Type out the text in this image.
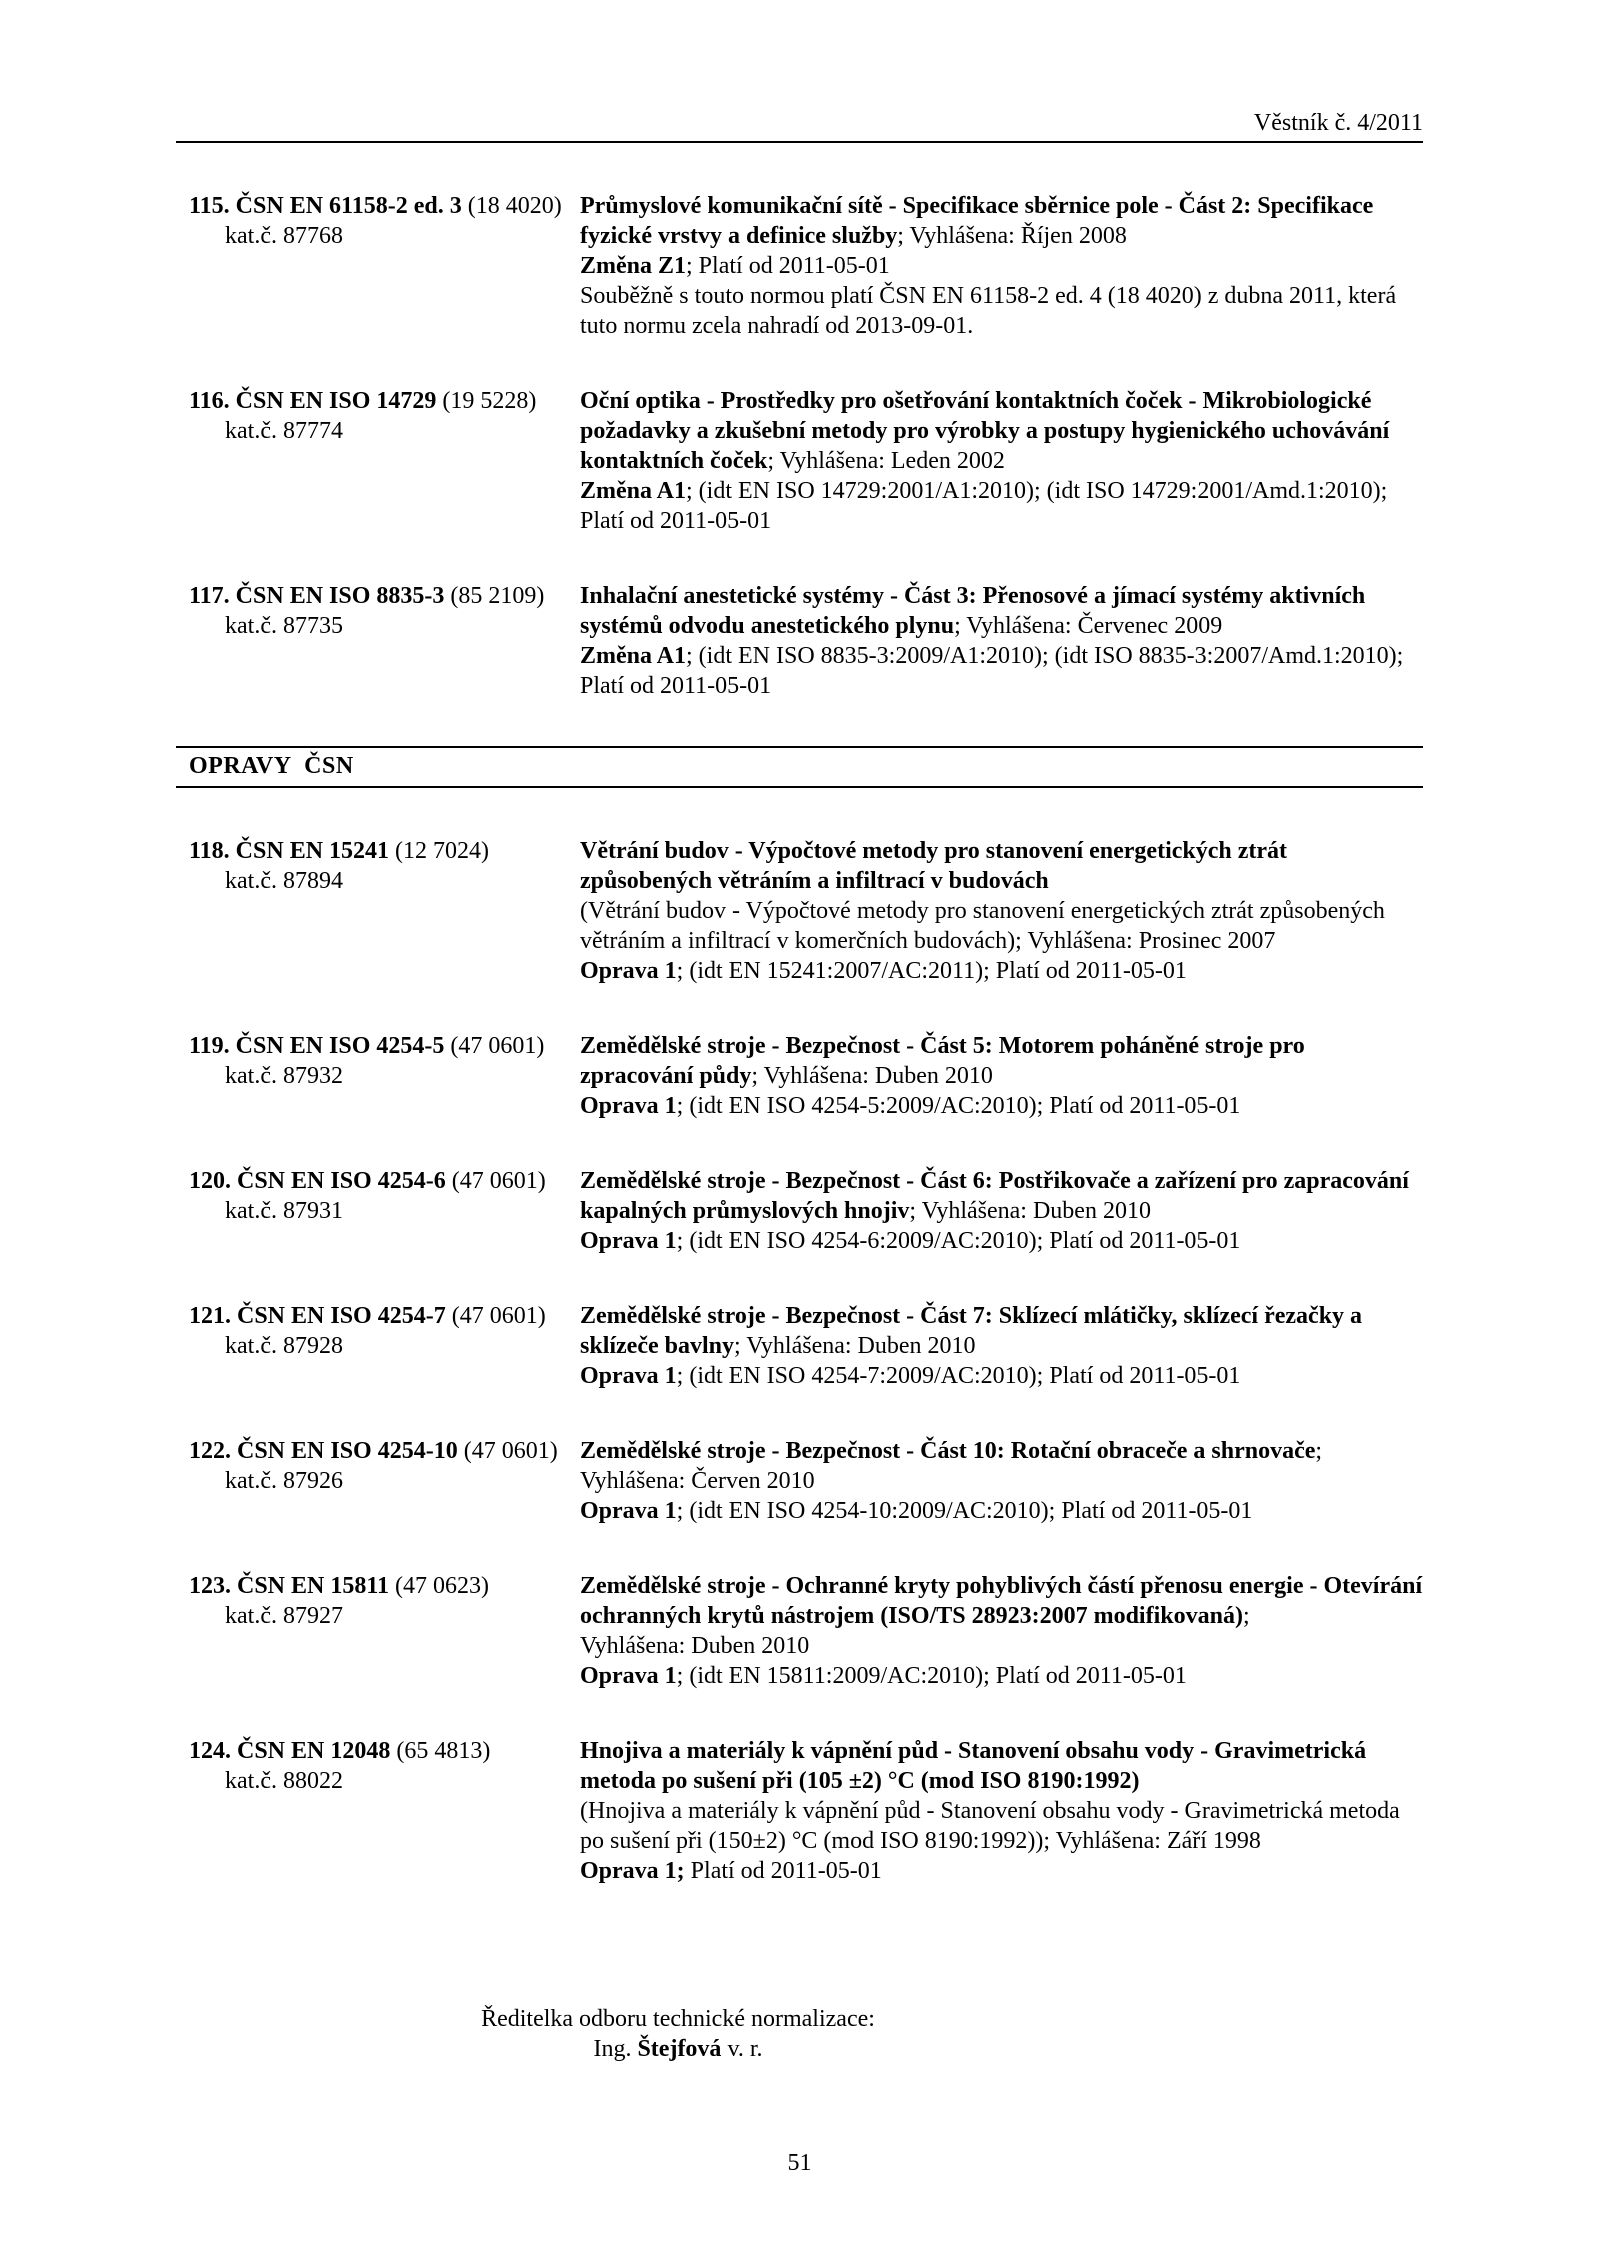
Věstník č. 4/2011
115. ČSN EN 61158-2 ed. 3 (18 4020)
kat.č. 87768
Průmyslové komunikační sítě - Specifikace sběrnice pole - Část 2: Specifikace fyzické vrstvy a definice služby; Vyhlášena: Říjen 2008
Změna Z1; Platí od 2011-05-01
Souběžně s touto normou platí ČSN EN 61158-2 ed. 4 (18 4020) z dubna 2011, která tuto normu zcela nahradí od 2013-09-01.
116. ČSN EN ISO 14729 (19 5228)
kat.č. 87774
Oční optika - Prostředky pro ošetřování kontaktních čoček - Mikrobiologické požadavky a zkušební metody pro výrobky a postupy hygienického uchovávání kontaktních čoček; Vyhlášena: Leden 2002
Změna A1; (idt EN ISO 14729:2001/A1:2010); (idt ISO 14729:2001/Amd.1:2010); Platí od 2011-05-01
117. ČSN EN ISO 8835-3 (85 2109)
kat.č. 87735
Inhalační anestetické systémy - Část 3: Přenosové a jímací systémy aktivních systémů odvodu anestetického plynu; Vyhlášena: Červenec 2009
Změna A1; (idt EN ISO 8835-3:2009/A1:2010); (idt ISO 8835-3:2007/Amd.1:2010); Platí od 2011-05-01
OPRAVY ČSN
118. ČSN EN 15241 (12 7024)
kat.č. 87894
Větrání budov - Výpočtové metody pro stanovení energetických ztrát způsobených větráním a infiltrací v budovách
(Větrání budov - Výpočtové metody pro stanovení energetických ztrát způsobených větráním a infiltrací v komerčních budovách); Vyhlášena: Prosinec 2007
Oprava 1; (idt EN 15241:2007/AC:2011); Platí od 2011-05-01
119. ČSN EN ISO 4254-5 (47 0601)
kat.č. 87932
Zemědělské stroje - Bezpečnost - Část 5: Motorem poháněné stroje pro zpracování půdy; Vyhlášena: Duben 2010
Oprava 1; (idt EN ISO 4254-5:2009/AC:2010); Platí od 2011-05-01
120. ČSN EN ISO 4254-6 (47 0601)
kat.č. 87931
Zemědělské stroje - Bezpečnost - Část 6: Postřikovače a zařízení pro zapracování kapalných průmyslových hnojiv; Vyhlášena: Duben 2010
Oprava 1; (idt EN ISO 4254-6:2009/AC:2010); Platí od 2011-05-01
121. ČSN EN ISO 4254-7 (47 0601)
kat.č. 87928
Zemědělské stroje - Bezpečnost - Část 7: Sklízecí mlátičky, sklízecí řezačky a sklízeče bavlny; Vyhlášena: Duben 2010
Oprava 1; (idt EN ISO 4254-7:2009/AC:2010); Platí od 2011-05-01
122. ČSN EN ISO 4254-10 (47 0601)
kat.č. 87926
Zemědělské stroje - Bezpečnost - Část 10: Rotační obraceče a shrnovače;
Vyhlášena: Červen 2010
Oprava 1; (idt EN ISO 4254-10:2009/AC:2010); Platí od 2011-05-01
123. ČSN EN 15811 (47 0623)
kat.č. 87927
Zemědělské stroje - Ochranné kryty pohyblivých částí přenosu energie - Otevírání ochranných krytů nástrojem (ISO/TS 28923:2007 modifikovaná);
Vyhlášena: Duben 2010
Oprava 1; (idt EN 15811:2009/AC:2010); Platí od 2011-05-01
124. ČSN EN 12048 (65 4813)
kat.č. 88022
Hnojiva a materiály k vápnění půd - Stanovení obsahu vody - Gravimetrická metoda po sušení při (105 ±2) °C (mod ISO 8190:1992)
(Hnojiva a materiály k vápnění půd - Stanovení obsahu vody - Gravimetrická metoda po sušení při (150±2) °C (mod ISO 8190:1992)); Vyhlášena: Září 1998
Oprava 1; Platí od 2011-05-01
Ředitelka odboru technické normalizace:
Ing. Štejfová v. r.
51
